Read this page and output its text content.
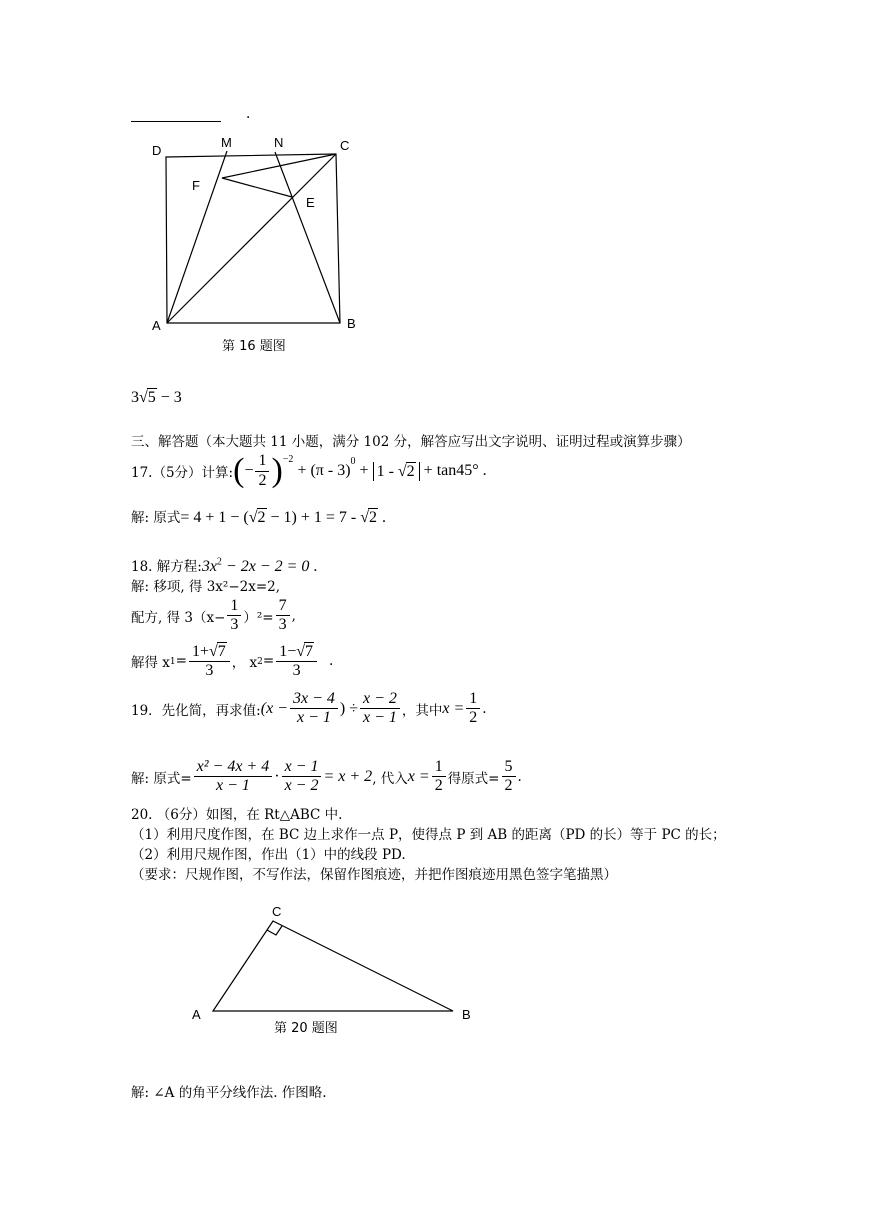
.
D
M	N	C
F
E
A	B
第 16 题图
3√5 − 3
三、解答题（本大题共 11 小题，满分 102 分，解答应写出文字说明、证明过程或演算步骤）
17.（5分）计算: ( − $\frac{1}{2} )^{-2}$
+ (π - 3)
$^0$
+ 1 - √2 + tan45° .
解: 原式= 4 + 1 − (√2 − 1) + 1 = 7 - √2 .
18. 解方程$:3x^2 - 2x - 2 = 0$ .
解: 移项, 得 3x²−2x=2,
配方, 得 $3(x- \frac{1}{3} )^2= \frac{7}{3}$ ,
解得 x $1 = \frac{1+√7}{3}$ ， x $2 = \frac{1-√7}{3}$ .
19．先化简，再求值: ($x - \frac{3x - 4}{x - 1}$ ) ÷ $\frac{x - 2}{x - 1}$ ，其中 $x = \frac{1}{2}$ .
解: 原式= $\frac{\text{x² − 4x + 4}}{x - 1} \cdot \frac{x - 1}{x - 2} = x + 2$ , 代入 $x = \frac{1}{2}$ 得原式= $\frac{5}{2}$ .
20. （6分）如图，在 Rt△ABC 中.
（1）利用尺度作图，在 BC 边上求作一点 P，使得点 P 到 AB 的距离（PD 的长）等于 PC 的长；
（2）利用尺规作图，作出（1）中的线段 PD.
（要求：尺规作图，不写作法，保留作图痕迹，并把作图痕迹用黑色签字笔描黑）
C
A	B
第 20 题图
解: ∠A 的角平分线作法. 作图略.
